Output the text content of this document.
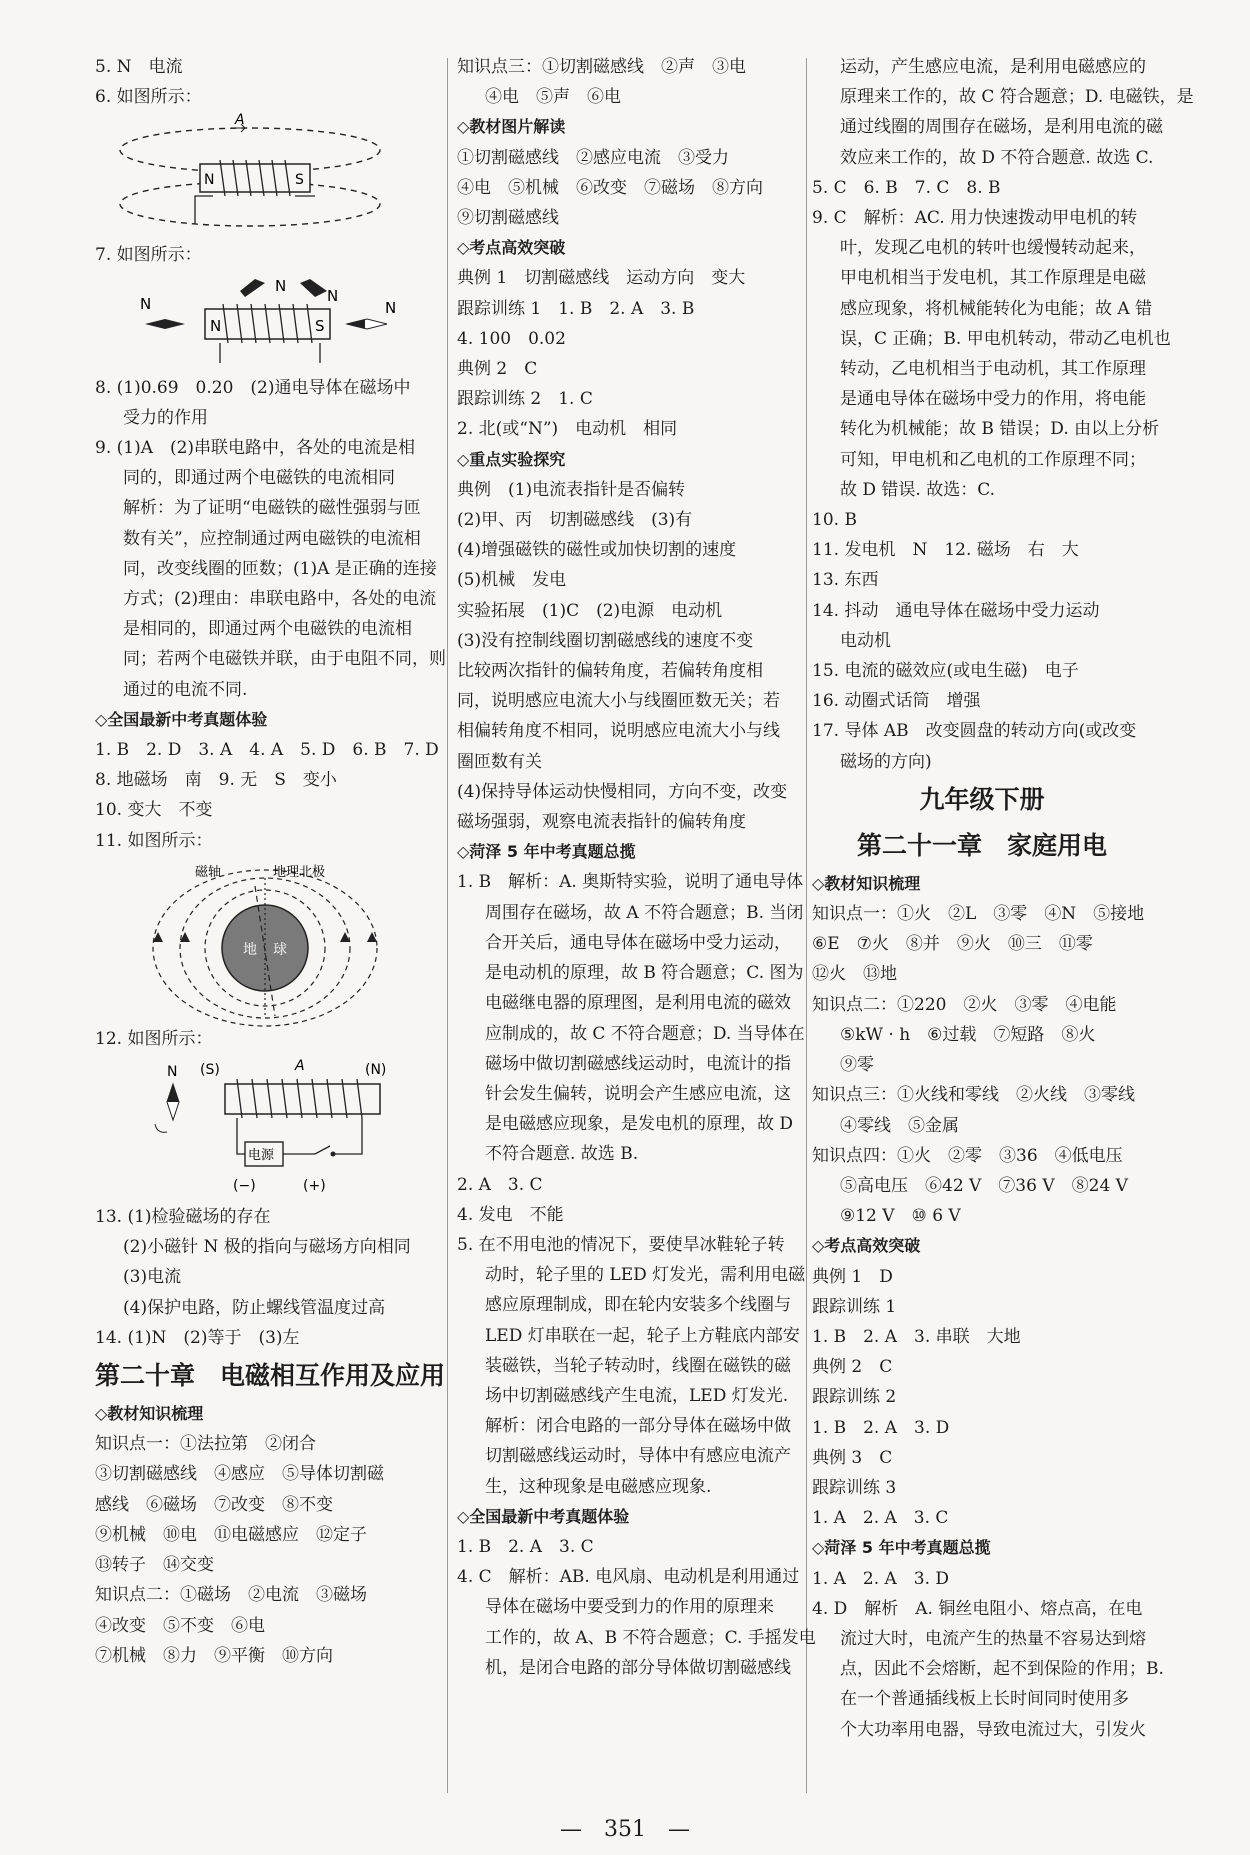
5. N　电流
6. 如图所示：
A
N	S
7. 如图所示：
N
N
N
N
N	S
8. (1)0.69　0.20　(2)通电导体在磁场中
受力的作用
9. (1)A　(2)串联电路中，各处的电流是相
同的，即通过两个电磁铁的电流相同
解析：为了证明“电磁铁的磁性强弱与匝
数有关”，应控制通过两电磁铁的电流相
同，改变线圈的匝数；(1)A 是正确的连接
方式；(2)理由：串联电路中，各处的电流
是相同的，即通过两个电磁铁的电流相
同；若两个电磁铁并联，由于电阻不同，则
通过的电流不同.
◇全国最新中考真题体验
1. B　2. D　3. A　4. A　5. D　6. B　7. D
8. 地磁场　南　9. 无　S　变小
10. 变大　不变
11. 如图所示：
磁轴	地理北极
地 球
12. 如图所示：
N (S)	A	(N)
电源
(−)	(+)
13. (1)检验磁场的存在
(2)小磁针 N 极的指向与磁场方向相同
(3)电流
(4)保护电路，防止螺线管温度过高
14. (1)N　(2)等于　(3)左
第二十章　电磁相互作用及应用
◇教材知识梳理
知识点一：①法拉第　②闭合
③切割磁感线　④感应　⑤导体切割磁
感线　⑥磁场　⑦改变　⑧不变
⑨机械　⑩电　⑪电磁感应　⑫定子
⑬转子　⑭交变
知识点二：①磁场　②电流　③磁场
④改变　⑤不变　⑥电
⑦机械　⑧力　⑨平衡　⑩方向
知识点三：①切割磁感线　②声　③电
④电　⑤声　⑥电
◇教材图片解读
①切割磁感线　②感应电流　③受力
④电　⑤机械　⑥改变　⑦磁场　⑧方向
⑨切割磁感线
◇考点高效突破
典例 1　切割磁感线　运动方向　变大
跟踪训练 1　1. B　2. A　3. B
4. 100　0.02
典例 2　C
跟踪训练 2　1. C
2. 北(或“N”)　电动机　相同
◇重点实验探究
典例　(1)电流表指针是否偏转
(2)甲、丙　切割磁感线　(3)有
(4)增强磁铁的磁性或加快切割的速度
(5)机械　发电
实验拓展　(1)C　(2)电源　电动机
(3)没有控制线圈切割磁感线的速度不变
比较两次指针的偏转角度，若偏转角度相
同，说明感应电流大小与线圈匝数无关；若
相偏转角度不相同，说明感应电流大小与线
圈匝数有关
(4)保持导体运动快慢相同，方向不变，改变
磁场强弱，观察电流表指针的偏转角度
◇菏泽 5 年中考真题总揽
1. B　解析：A. 奥斯特实验，说明了通电导体
周围存在磁场，故 A 不符合题意；B. 当闭
合开关后，通电导体在磁场中受力运动，
是电动机的原理，故 B 符合题意；C. 图为
电磁继电器的原理图，是利用电流的磁效
应制成的，故 C 不符合题意；D. 当导体在
磁场中做切割磁感线运动时，电流计的指
针会发生偏转，说明会产生感应电流，这
是电磁感应现象，是发电机的原理，故 D
不符合题意. 故选 B.
2. A　3. C
4. 发电　不能
5. 在不用电池的情况下，要使旱冰鞋轮子转
动时，轮子里的 LED 灯发光，需利用电磁
感应原理制成，即在轮内安装多个线圈与
LED 灯串联在一起，轮子上方鞋底内部安
装磁铁，当轮子转动时，线圈在磁铁的磁
场中切割磁感线产生电流，LED 灯发光.
解析：闭合电路的一部分导体在磁场中做
切割磁感线运动时，导体中有感应电流产
生，这种现象是电磁感应现象.
◇全国最新中考真题体验
1. B　2. A　3. C
4. C　解析：AB. 电风扇、电动机是利用通过
导体在磁场中要受到力的作用的原理来
工作的，故 A、B 不符合题意；C. 手摇发电
机，是闭合电路的部分导体做切割磁感线
运动，产生感应电流，是利用电磁感应的
原理来工作的，故 C 符合题意；D. 电磁铁，是
通过线圈的周围存在磁场，是利用电流的磁
效应来工作的，故 D 不符合题意. 故选 C.
5. C　6. B　7. C　8. B
9. C　解析：AC. 用力快速拨动甲电机的转
叶，发现乙电机的转叶也缓慢转动起来，
甲电机相当于发电机，其工作原理是电磁
感应现象，将机械能转化为电能；故 A 错
误，C 正确；B. 甲电机转动，带动乙电机也
转动，乙电机相当于电动机，其工作原理
是通电导体在磁场中受力的作用，将电能
转化为机械能；故 B 错误；D. 由以上分析
可知，甲电机和乙电机的工作原理不同；
故 D 错误. 故选：C.
10. B
11. 发电机　N　12. 磁场　右　大
13. 东西
14. 抖动　通电导体在磁场中受力运动
电动机
15. 电流的磁效应(或电生磁)　电子
16. 动圈式话筒　增强
17. 导体 AB　改变圆盘的转动方向(或改变
磁场的方向)
九年级下册
第二十一章　家庭用电
◇教材知识梳理
知识点一：①火　②L　③零　④N　⑤接地
⑥E　⑦火　⑧并　⑨火　⑩三　⑪零
⑫火　⑬地
知识点二：①220　②火　③零　④电能
⑤kW · h　⑥过载　⑦短路　⑧火
⑨零
知识点三：①火线和零线　②火线　③零线
④零线　⑤金属
知识点四：①火　②零　③36　④低电压
⑤高电压　⑥42 V　⑦36 V　⑧24 V
⑨12 V　⑩ 6 V
◇考点高效突破
典例 1　D
跟踪训练 1
1. B　2. A　3. 串联　大地
典例 2　C
跟踪训练 2
1. B　2. A　3. D
典例 3　C
跟踪训练 3
1. A　2. A　3. C
◇菏泽 5 年中考真题总揽
1. A　2. A　3. D
4. D　解析　A. 铜丝电阻小、熔点高，在电
流过大时，电流产生的热量不容易达到熔
点，因此不会熔断，起不到保险的作用；B.
在一个普通插线板上长时间同时使用多
个大功率用电器，导致电流过大，引发火
—　351　—
